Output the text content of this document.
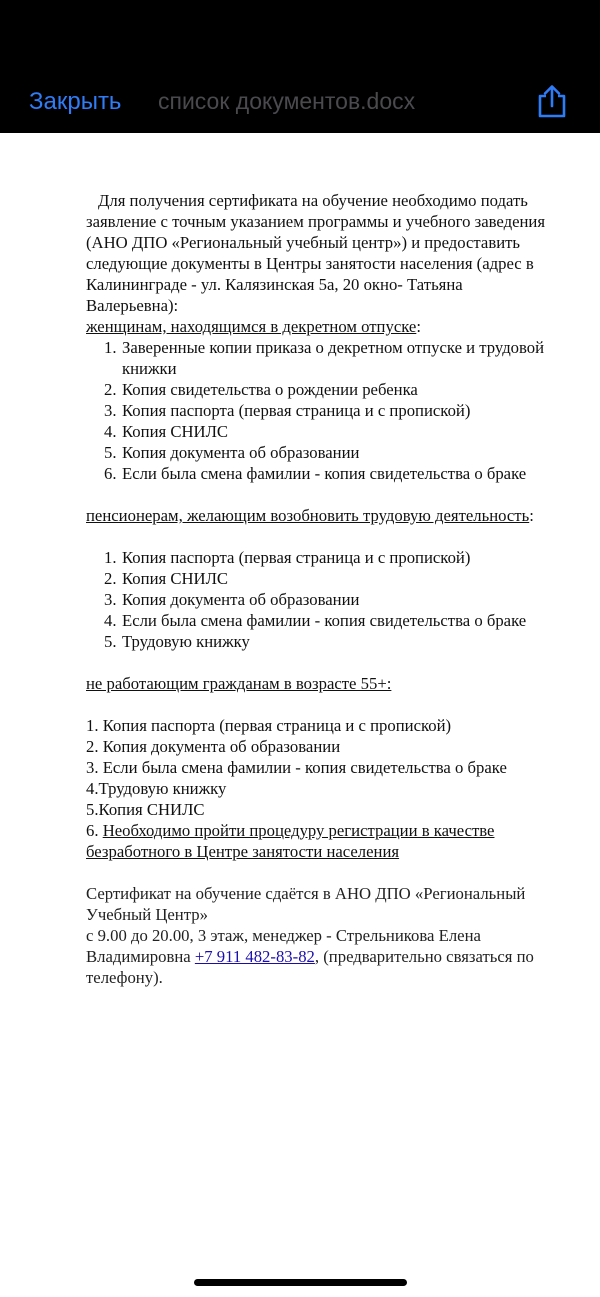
Закрыть список документов.docx

Для получения сертификата на обучение необходимо подать заявление с точным указанием программы и учебного заведения (АНО ДПО «Региональный учебный центр») и предоставить следующие документы в Центры занятости населения (адрес в Калининграде - ул. Калязинская 5а, 20 окно- Татьяна Валерьевна):

женщинам, находящимся в декретном отпуске:

1. Заверенные копии приказа о декретном отпуске и трудовой книжки
2. Копия свидетельства о рождении ребенка
3. Копия паспорта (первая страница и с пропиской)
4. Копия СНИЛС
5. Копия документа об образовании
6. Если была смена фамилии - копия свидетельства о браке

пенсионерам, желающим возобновить трудовую деятельность:

1. Копия паспорта (первая страница и с пропиской)
2. Копия СНИЛС
3. Копия документа об образовании
4. Если была смена фамилии - копия свидетельства о браке
5. Трудовую книжку

не работающим гражданам в возрасте 55+:

1. Копия паспорта (первая страница и с пропиской)

2. Копия документа об образовании

3. Если была смена фамилии - копия свидетельства о браке

4.Трудовую книжку

5.Копия СНИЛС

6. Необходимо пройти процедуру регистрации в качестве безработного в Центре занятости населения

Сертификат на обучение сдаётся в АНО ДПО «Региональный Учебный Центр»
с 9.00 до 20.00, 3 этаж, менеджер - Стрельникова Елена Владимировна +7 911 482-83-82, (предварительно связаться по телефону).
